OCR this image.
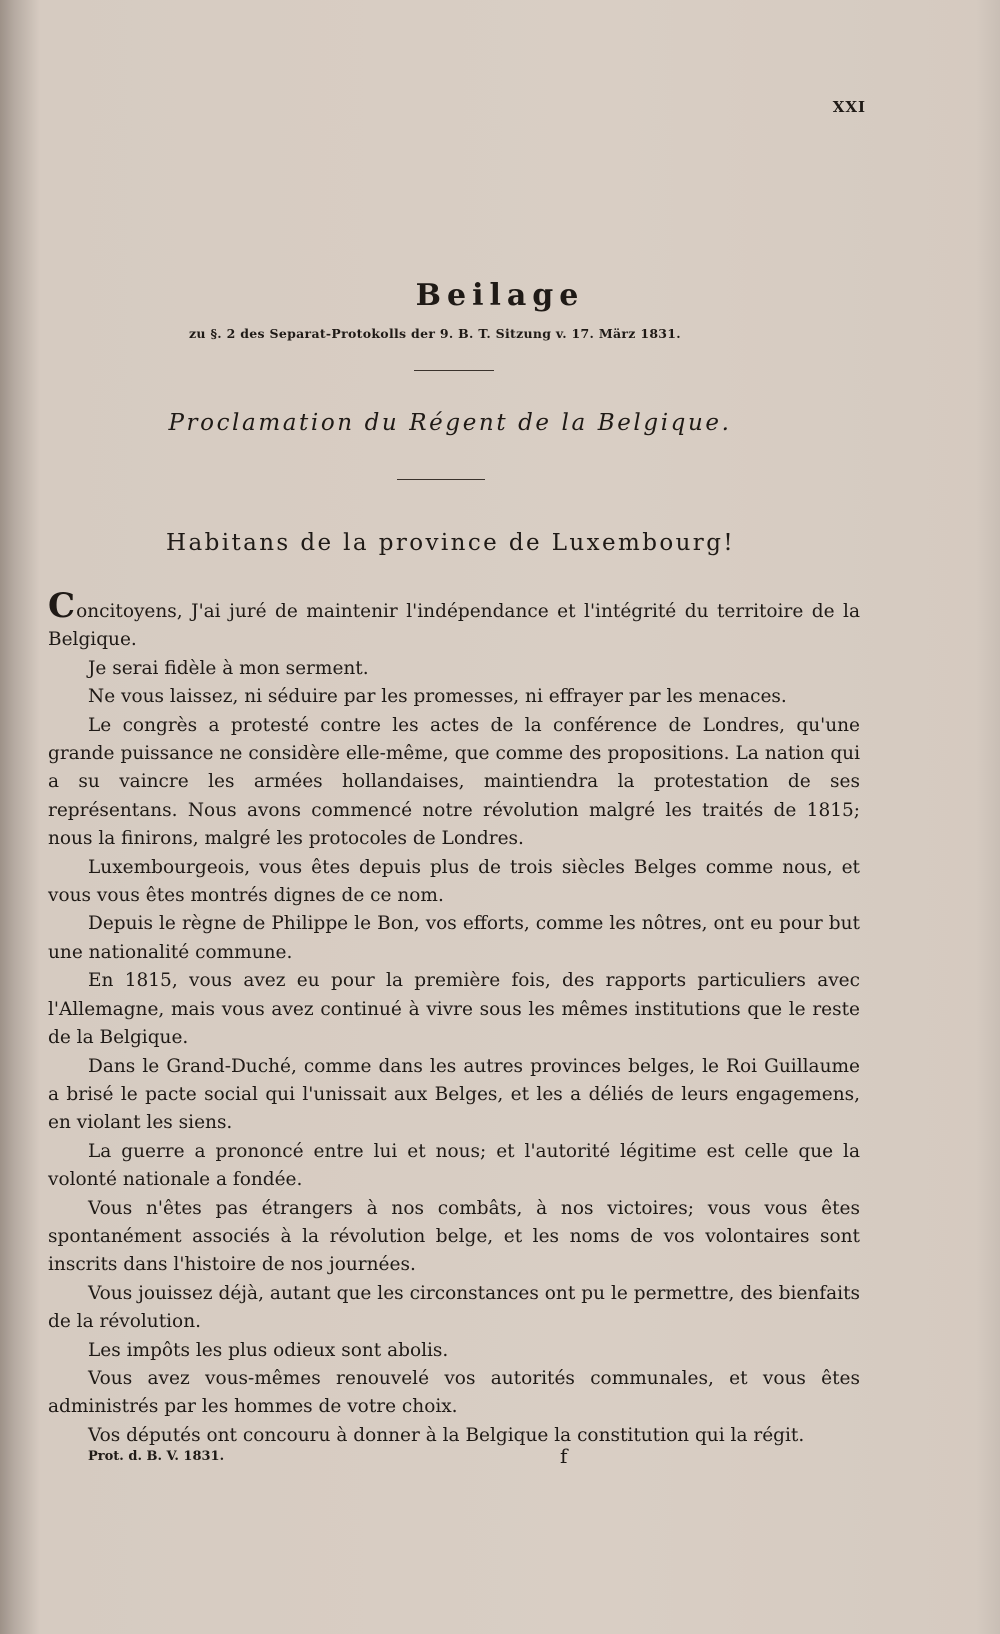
XXI
Beilage
zu §. 2 des Separat-Protokolls der 9. B. T. Sitzung v. 17. März 1831.
Proclamation du Régent de la Belgique.
Habitans de la province de Luxembourg!

Concitoyens, J'ai juré de maintenir l'indépendance et l'intégrité du territoire de la Belgique.

Je serai fidèle à mon serment.

Ne vous laissez, ni séduire par les promesses, ni effrayer par les menaces.

Le congrès a protesté contre les actes de la conférence de Londres, qu'une grande puissance ne considère elle-même, que comme des propositions. La nation qui a su vaincre les armées hollandaises, maintiendra la protestation de ses représentans. Nous avons commencé notre révolution malgré les traités de 1815; nous la finirons, malgré les protocoles de Londres.

Luxembourgeois, vous êtes depuis plus de trois siècles Belges comme nous, et vous vous êtes montrés dignes de ce nom.

Depuis le règne de Philippe le Bon, vos efforts, comme les nôtres, ont eu pour but une nationalité commune.

En 1815, vous avez eu pour la première fois, des rapports particuliers avec l'Allemagne, mais vous avez continué à vivre sous les mêmes institutions que le reste de la Belgique.

Dans le Grand-Duché, comme dans les autres provinces belges, le Roi Guillaume a brisé le pacte social qui l'unissait aux Belges, et les a déliés de leurs engagemens, en violant les siens.

La guerre a prononcé entre lui et nous; et l'autorité légitime est celle que la volonté nationale a fondée.

Vous n'êtes pas étrangers à nos combâts, à nos victoires; vous vous êtes spontanément associés à la révolution belge, et les noms de vos volontaires sont inscrits dans l'histoire de nos journées.

Vous jouissez déjà, autant que les circonstances ont pu le permettre, des bienfaits de la révolution.

Les impôts les plus odieux sont abolis.

Vous avez vous-mêmes renouvelé vos autorités communales, et vous êtes administrés par les hommes de votre choix.

Vos députés ont concouru à donner à la Belgique la constitution qui la régit.

Prot. d. B. V. 1831.	f
